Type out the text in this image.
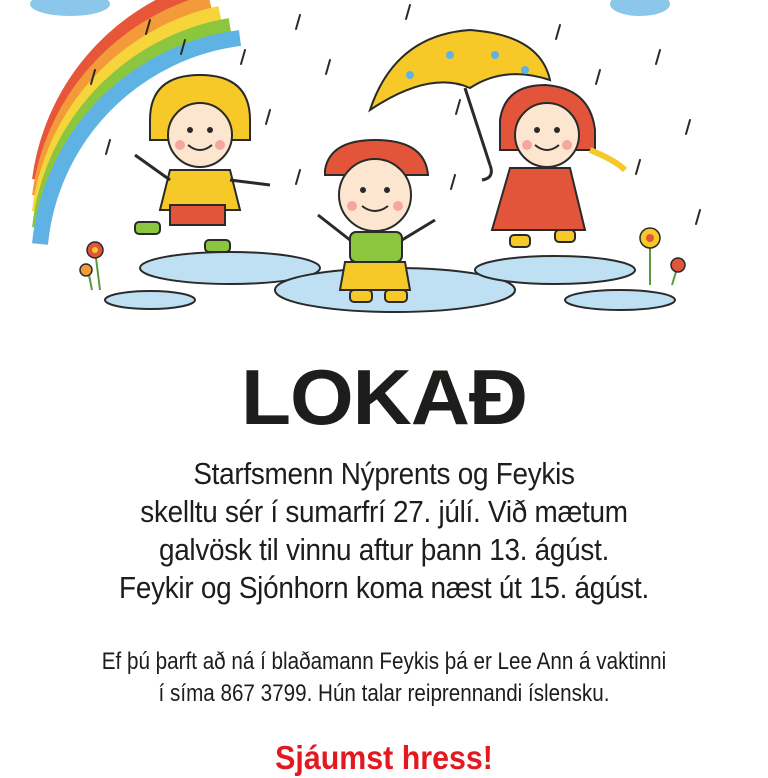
LOKAÐ
Starfsmenn Nýprents og Feykis
skelltu sér í sumarfrí 27. júlí. Við mætum
galvösk til vinnu aftur þann 13. ágúst.
Feykir og Sjónhorn koma næst út 15. ágúst.
Ef þú þarft að ná í blaðamann Feykis þá er Lee Ann á vaktinni
í síma 867 3799. Hún talar reiprennandi íslensku.
Sjáumst hress!
